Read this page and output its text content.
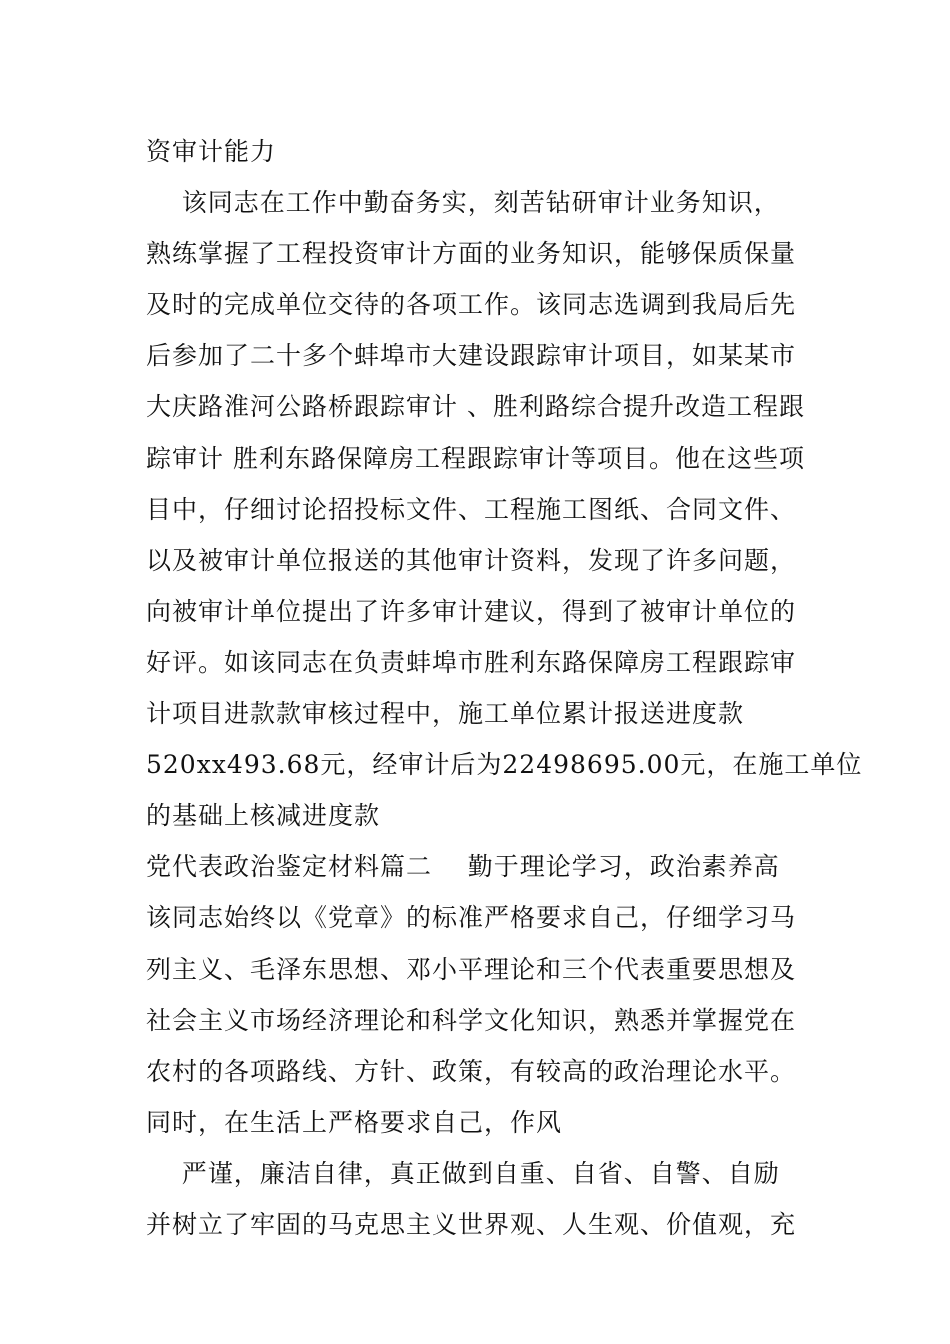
资审计能力
该同志在工作中勤奋务实，刻苦钻研审计业务知识，
熟练掌握了工程投资审计方面的业务知识，能够保质保量
及时的完成单位交待的各项工作。该同志选调到我局后先
后参加了二十多个蚌埠市大建设跟踪审计项目，如某某市
大庆路淮河公路桥跟踪审计 、胜利路综合提升改造工程跟
踪审计 胜利东路保障房工程跟踪审计等项目。他在这些项
目中，仔细讨论招投标文件、工程施工图纸、合同文件、
以及被审计单位报送的其他审计资料，发现了许多问题，
向被审计单位提出了许多审计建议，得到了被审计单位的
好评。如该同志在负责蚌埠市胜利东路保障房工程跟踪审
计项目进款款审核过程中，施工单位累计报送进度款
520xx493.68元，经审计后为22498695.00元，在施工单位
的基础上核减进度款
党代表政治鉴定材料篇二    勤于理论学习，政治素养高
该同志始终以《党章》的标准严格要求自己，仔细学习马
列主义、毛泽东思想、邓小平理论和三个代表重要思想及
社会主义市场经济理论和科学文化知识，熟悉并掌握党在
农村的各项路线、方针、政策，有较高的政治理论水平。
同时，在生活上严格要求自己，作风
严谨，廉洁自律，真正做到自重、自省、自警、自励
并树立了牢固的马克思主义世界观、人生观、价值观，充
